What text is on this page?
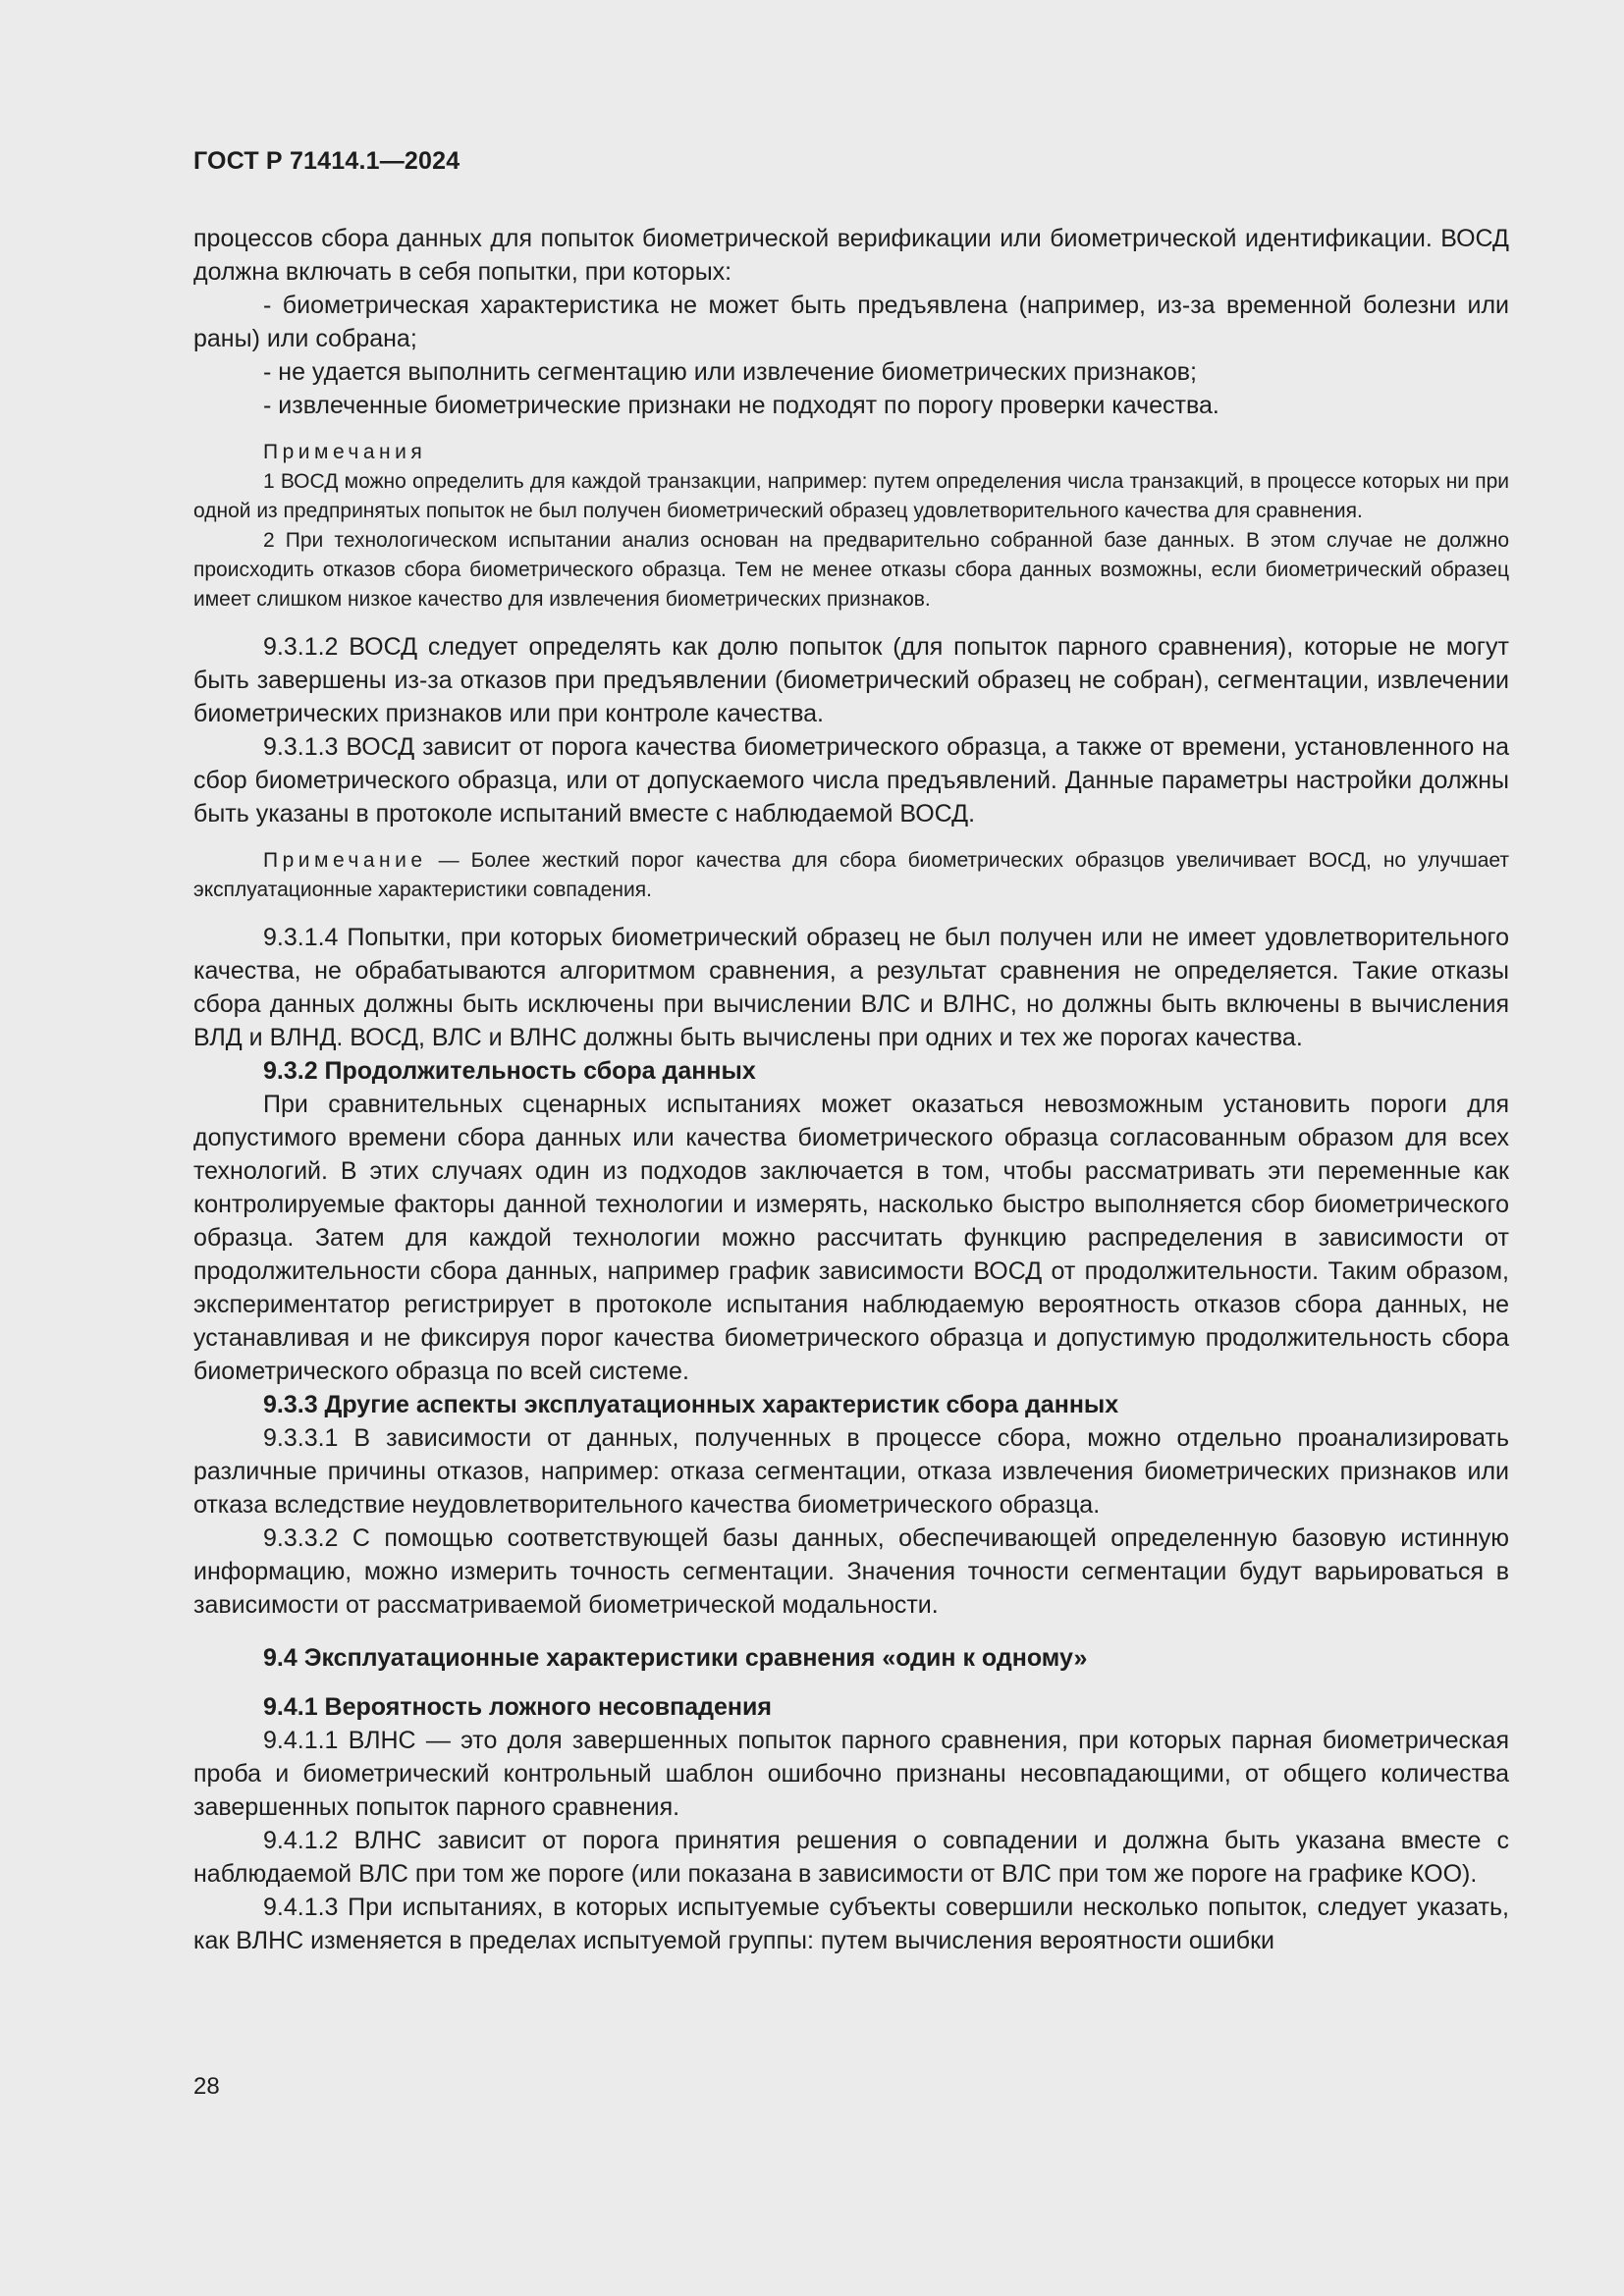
ГОСТ Р 71414.1—2024

процессов сбора данных для попыток биометрической верификации или биометрической идентификации. ВОСД должна включать в себя попытки, при которых:

- биометрическая характеристика не может быть предъявлена (например, из-за временной болезни или раны) или собрана;

- не удается выполнить сегментацию или извлечение биометрических признаков;

- извлеченные биометрические признаки не подходят по порогу проверки качества.

Примечания

1 ВОСД можно определить для каждой транзакции, например: путем определения числа транзакций, в процессе которых ни при одной из предпринятых попыток не был получен биометрический образец удовлетворительного качества для сравнения.

2 При технологическом испытании анализ основан на предварительно собранной базе данных. В этом случае не должно происходить отказов сбора биометрического образца. Тем не менее отказы сбора данных возможны, если биометрический образец имеет слишком низкое качество для извлечения биометрических признаков.

9.3.1.2 ВОСД следует определять как долю попыток (для попыток парного сравнения), которые не могут быть завершены из-за отказов при предъявлении (биометрический образец не собран), сегментации, извлечении биометрических признаков или при контроле качества.

9.3.1.3 ВОСД зависит от порога качества биометрического образца, а также от времени, установленного на сбор биометрического образца, или от допускаемого числа предъявлений. Данные параметры настройки должны быть указаны в протоколе испытаний вместе с наблюдаемой ВОСД.

Примечание — Более жесткий порог качества для сбора биометрических образцов увеличивает ВОСД, но улучшает эксплуатационные характеристики совпадения.

9.3.1.4 Попытки, при которых биометрический образец не был получен или не имеет удовлетворительного качества, не обрабатываются алгоритмом сравнения, а результат сравнения не определяется. Такие отказы сбора данных должны быть исключены при вычислении ВЛС и ВЛНС, но должны быть включены в вычисления ВЛД и ВЛНД. ВОСД, ВЛС и ВЛНС должны быть вычислены при одних и тех же порогах качества.

9.3.2 Продолжительность сбора данных

При сравнительных сценарных испытаниях может оказаться невозможным установить пороги для допустимого времени сбора данных или качества биометрического образца согласованным образом для всех технологий. В этих случаях один из подходов заключается в том, чтобы рассматривать эти переменные как контролируемые факторы данной технологии и измерять, насколько быстро выполняется сбор биометрического образца. Затем для каждой технологии можно рассчитать функцию распределения в зависимости от продолжительности сбора данных, например график зависимости ВОСД от продолжительности. Таким образом, экспериментатор регистрирует в протоколе испытания наблюдаемую вероятность отказов сбора данных, не устанавливая и не фиксируя порог качества биометрического образца и допустимую продолжительность сбора биометрического образца по всей системе.

9.3.3 Другие аспекты эксплуатационных характеристик сбора данных

9.3.3.1 В зависимости от данных, полученных в процессе сбора, можно отдельно проанализировать различные причины отказов, например: отказа сегментации, отказа извлечения биометрических признаков или отказа вследствие неудовлетворительного качества биометрического образца.

9.3.3.2 С помощью соответствующей базы данных, обеспечивающей определенную базовую истинную информацию, можно измерить точность сегментации. Значения точности сегментации будут варьироваться в зависимости от рассматриваемой биометрической модальности.

9.4 Эксплуатационные характеристики сравнения «один к одному»

9.4.1 Вероятность ложного несовпадения

9.4.1.1 ВЛНС — это доля завершенных попыток парного сравнения, при которых парная биометрическая проба и биометрический контрольный шаблон ошибочно признаны несовпадающими, от общего количества завершенных попыток парного сравнения.

9.4.1.2 ВЛНС зависит от порога принятия решения о совпадении и должна быть указана вместе с наблюдаемой ВЛС при том же пороге (или показана в зависимости от ВЛС при том же пороге на графике КОО).

9.4.1.3 При испытаниях, в которых испытуемые субъекты совершили несколько попыток, следует указать, как ВЛНС изменяется в пределах испытуемой группы: путем вычисления вероятности ошибки

28
